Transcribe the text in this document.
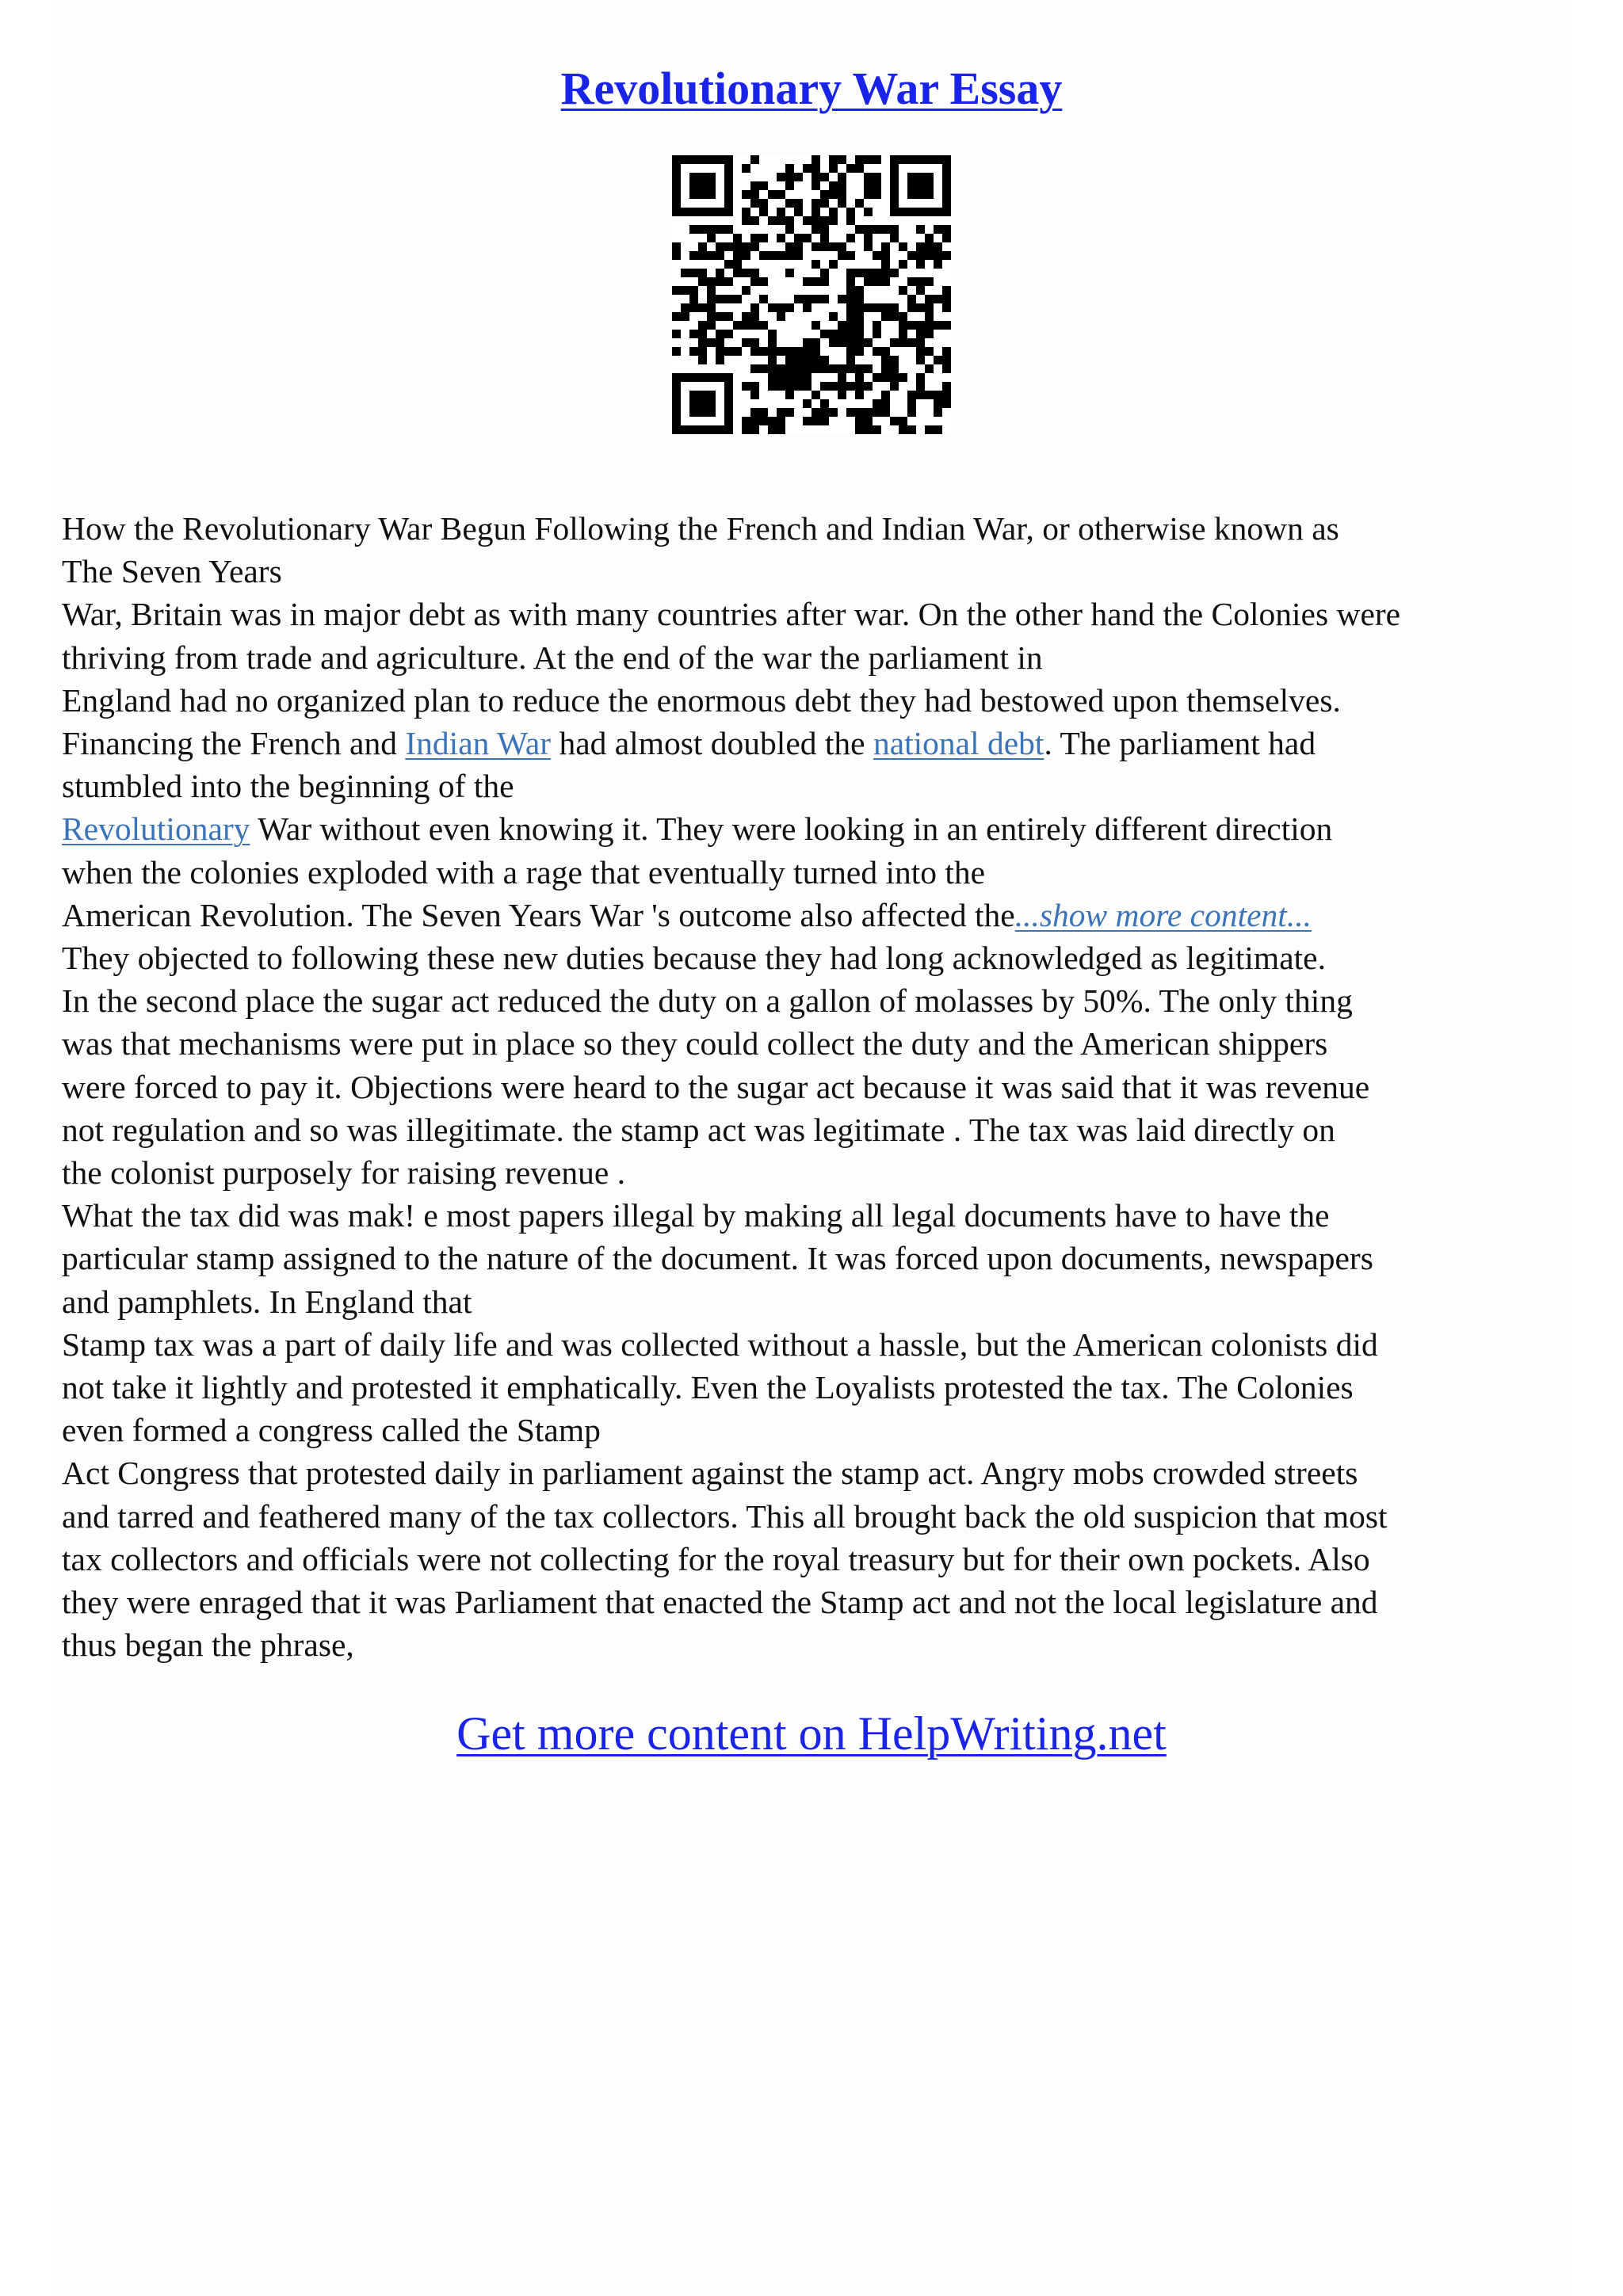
Revolutionary War Essay

How the Revolutionary War Begun Following the French and Indian War, or otherwise known as

The Seven Years

War, Britain was in major debt as with many countries after war. On the other hand the Colonies were

thriving from trade and agriculture. At the end of the war the parliament in

England had no organized plan to reduce the enormous debt they had bestowed upon themselves.

Financing the French and Indian War had almost doubled the national debt. The parliament had

stumbled into the beginning of the

Revolutionary War without even knowing it. They were looking in an entirely different direction

when the colonies exploded with a rage that eventually turned into the

American Revolution. The Seven Years War 's outcome also affected the...show more content...

They objected to following these new duties because they had long acknowledged as legitimate.

In the second place the sugar act reduced the duty on a gallon of molasses by 50%. The only thing

was that mechanisms were put in place so they could collect the duty and the American shippers

were forced to pay it. Objections were heard to the sugar act because it was said that it was revenue

not regulation and so was illegitimate. the stamp act was legitimate . The tax was laid directly on

the colonist purposely for raising revenue .

What the tax did was mak! e most papers illegal by making all legal documents have to have the

particular stamp assigned to the nature of the document. It was forced upon documents, newspapers

and pamphlets. In England that

Stamp tax was a part of daily life and was collected without a hassle, but the American colonists did

not take it lightly and protested it emphatically. Even the Loyalists protested the tax. The Colonies

even formed a congress called the Stamp

Act Congress that protested daily in parliament against the stamp act. Angry mobs crowded streets

and tarred and feathered many of the tax collectors. This all brought back the old suspicion that most

tax collectors and officials were not collecting for the royal treasury but for their own pockets. Also

they were enraged that it was Parliament that enacted the Stamp act and not the local legislature and

thus began the phrase,

Get more content on HelpWriting.net
